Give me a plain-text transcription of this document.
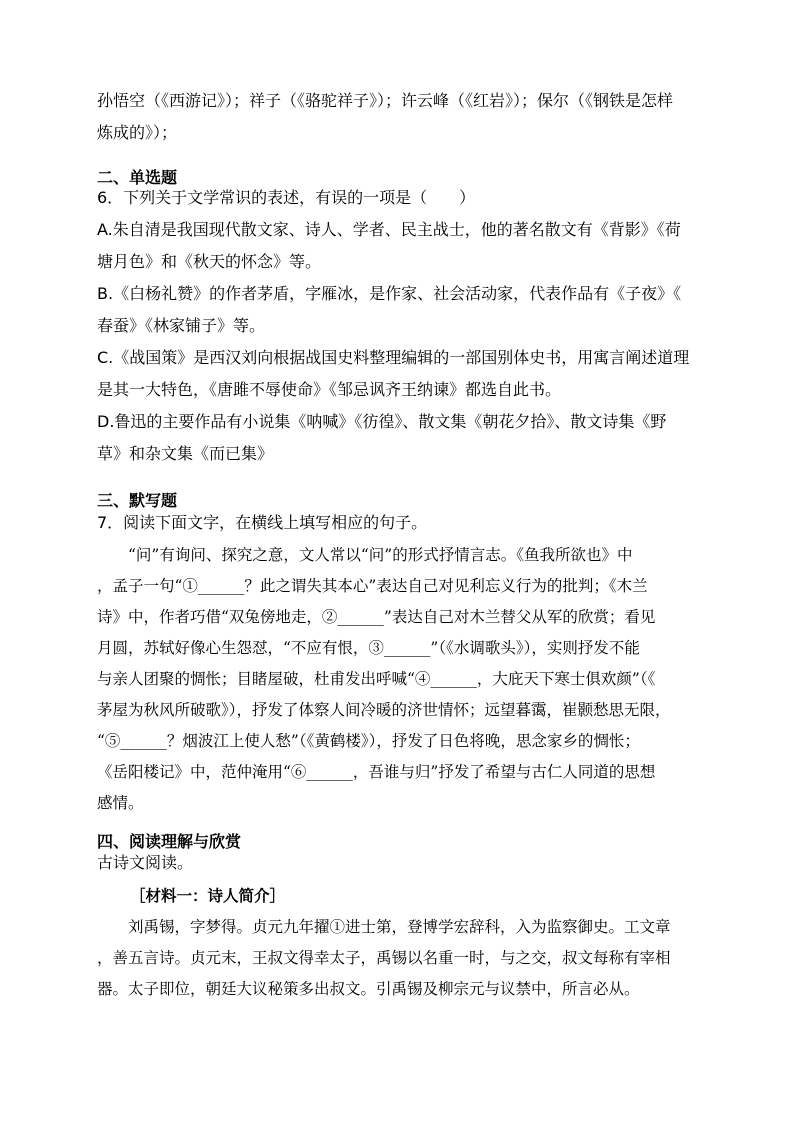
孙悟空（《西游记》）；祥子（《骆驼祥子》）；许云峰（《红岩》）；保尔（《钢铁是怎样
炼成的》）；
二、单选题
6．下列关于文学常识的表述，有误的一项是（　　）
A.朱自清是我国现代散文家、诗人、学者、民主战士，他的著名散文有《背影》《荷
塘月色》和《秋天的怀念》等。
B.《白杨礼赞》的作者茅盾，字雁冰，是作家、社会活动家，代表作品有《子夜》《
春蚕》《林家铺子》等。
C.《战国策》是西汉刘向根据战国史料整理编辑的一部国别体史书，用寓言阐述道理
是其一大特色，《唐雎不辱使命》《邹忌讽齐王纳谏》都选自此书。
D.鲁迅的主要作品有小说集《呐喊》《彷徨》、散文集《朝花夕拾》、散文诗集《野
草》和杂文集《而已集》
三、默写题
7．阅读下面文字，在横线上填写相应的句子。
“问”有询问、探究之意，文人常以“问”的形式抒情言志。《鱼我所欲也》中
，孟子一句“①______？此之谓失其本心”表达自己对见利忘义行为的批判；《木兰
诗》中，作者巧借“双兔傍地走，②______”表达自己对木兰替父从军的欣赏；看见
月圆，苏轼好像心生怨怼，“不应有恨，③______”（《水调歌头》），实则抒发不能
与亲人团聚的惆怅；目睹屋破，杜甫发出呼喊“④______，大庇天下寒士俱欢颜”（《
茅屋为秋风所破歌》），抒发了体察人间冷暖的济世情怀；远望暮霭，崔颢愁思无限，
“⑤______？烟波江上使人愁”（《黄鹤楼》），抒发了日色将晚，思念家乡的惆怅；
《岳阳楼记》中，范仲淹用“⑥______，吾谁与归”抒发了希望与古仁人同道的思想
感情。
四、阅读理解与欣赏
古诗文阅读。
［材料一：诗人简介］
刘禹锡，字梦得。贞元九年擢①进士第，登博学宏辞科，入为监察御史。工文章
，善五言诗。贞元末，王叔文得幸太子，禹锡以名重一时，与之交，叔文每称有宰相
器。太子即位，朝廷大议秘策多出叔文。引禹锡及柳宗元与议禁中，所言必从。
